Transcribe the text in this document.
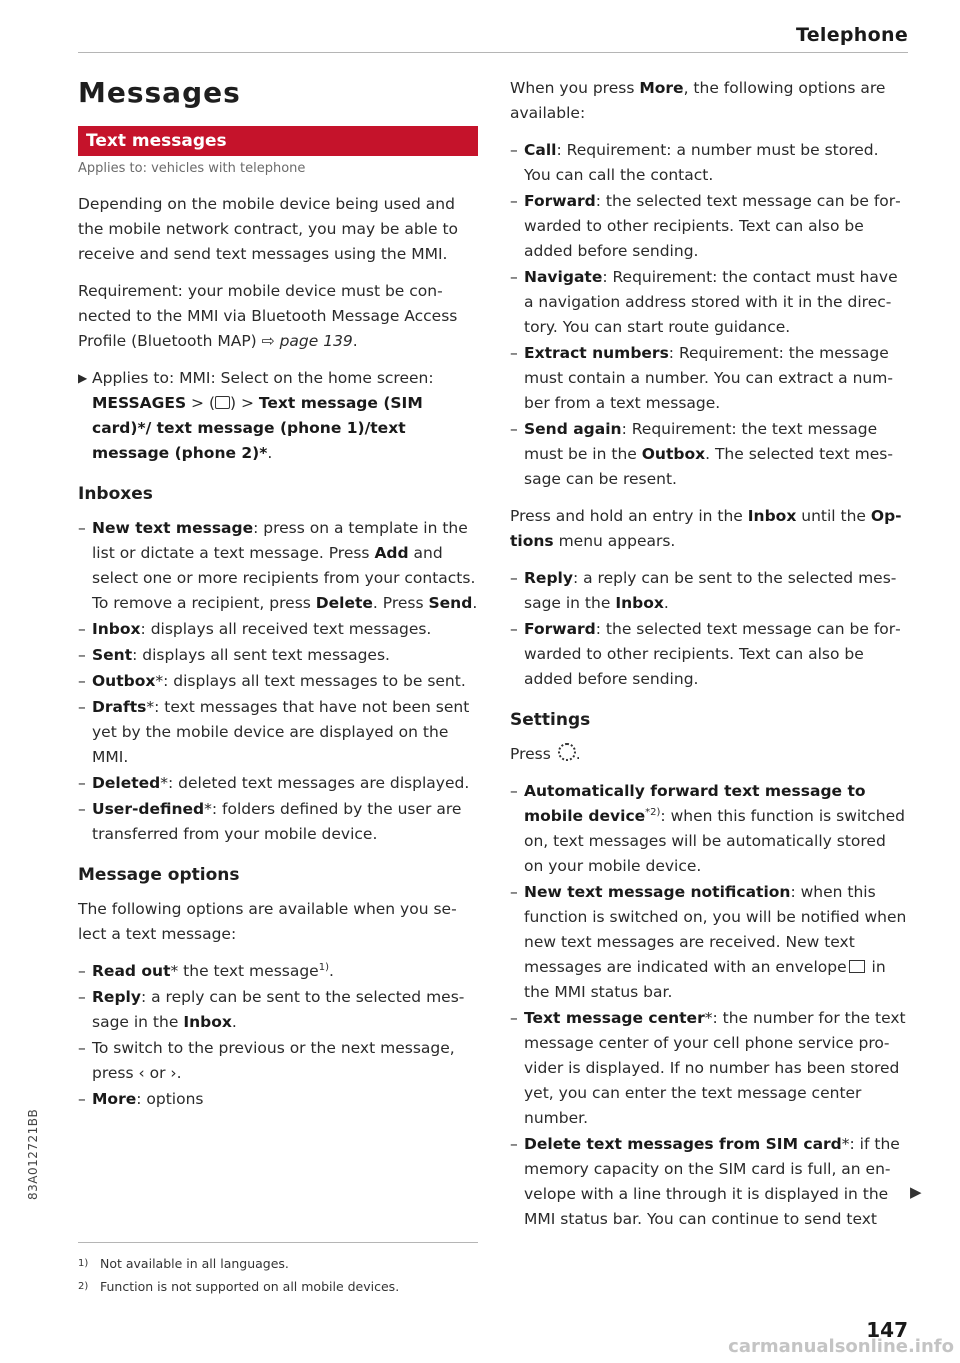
Telephone
Messages
Text messages
Applies to: vehicles with telephone

Depending on the mobile device being used and the mobile network contract, you may be able to receive and send text messages using the MMI.

Requirement: your mobile device must be connected to the MMI via Bluetooth Message Access Profile (Bluetooth MAP) ⇨ page 139.

▶ Applies to: MMI: Select on the home screen: MESSAGES > ( ) > Text message (SIM card)*/ text message (phone 1)/text message (phone 2)*.

Inboxes
– New text message: press on a template in the list or dictate a text message. Press Add and select one or more recipients from your contacts. To remove a recipient, press Delete. Press Send.
– Inbox: displays all received text messages.
– Sent: displays all sent text messages.
– Outbox*: displays all text messages to be sent.
– Drafts*: text messages that have not been sent yet by the mobile device are displayed on the MMI.
– Deleted*: deleted text messages are displayed.
– User-defined*: folders defined by the user are transferred from your mobile device.
Message options

The following options are available when you select a text message:

– Read out* the text message$^{1)}$.
– Reply: a reply can be sent to the selected message in the Inbox.
– To switch to the previous or the next message, press ‹ or ›.
– More: options

When you press More, the following options are available:

– Call: Requirement: a number must be stored. You can call the contact.
– Forward: the selected text message can be forwarded to other recipients. Text can also be added before sending.
– Navigate: Requirement: the contact must have a navigation address stored with it in the directory. You can start route guidance.
– Extract numbers: Requirement: the message must contain a number. You can extract a number from a text message.
– Send again: Requirement: the text message must be in the Outbox. The selected text message can be resent.

Press and hold an entry in the Inbox until the Options menu appears.

– Reply: a reply can be sent to the selected message in the Inbox.
– Forward: the selected text message can be forwarded to other recipients. Text can also be added before sending.
Settings

Press .

– Automatically forward text message to mobile device$^{*2)}$: when this function is switched on, text messages will be automatically stored on your mobile device.
– New text message notification: when this function is switched on, you will be notified when new text messages are received. New text messages are indicated with an envelope in the MMI status bar.
– Text message center*: the number for the text message center of your cell phone service provider is displayed. If no number has been stored yet, you can enter the text message center number.
– Delete text messages from SIM card*: if the memory capacity on the SIM card is full, an envelope with a line through it is displayed in the MMI status bar. You can continue to send text
▶
1) Not available in all languages.
2) Function is not supported on all mobile devices.
83A012721BB
147
carmanualsonline.info
